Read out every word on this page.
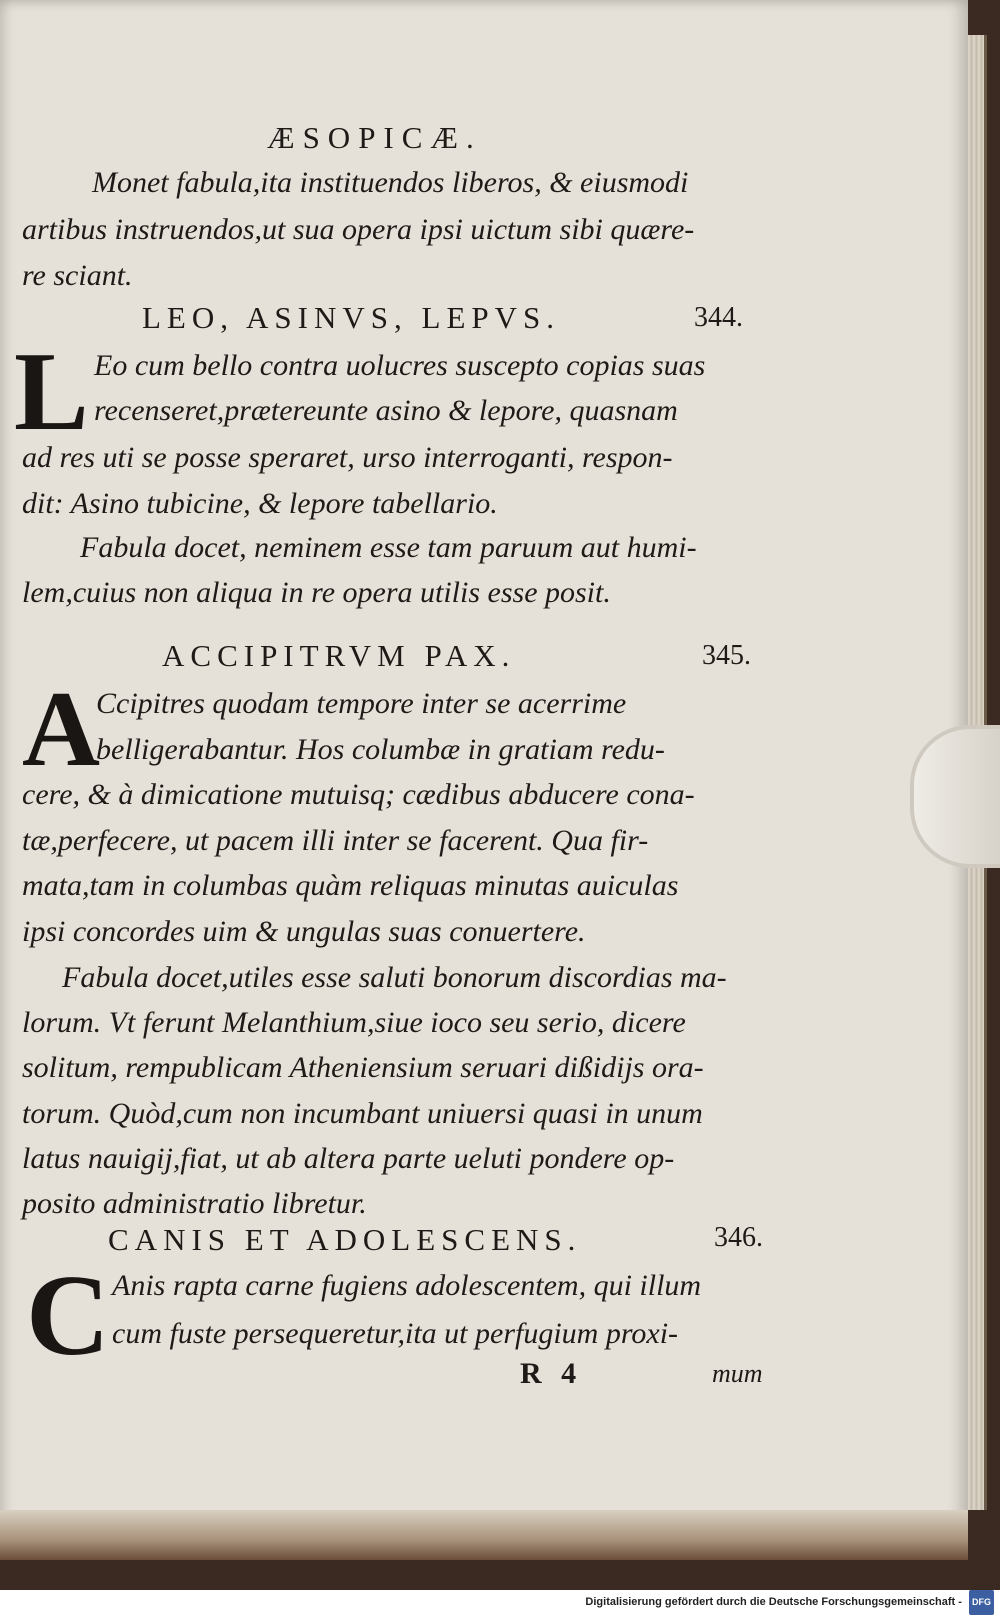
ÆSOPICÆ.
Monet fabula,ita instituendos liberos, & eiusmodi
artibus instruendos,ut sua opera ipsi uictum sibi quære-
re sciant.
LEO, ASINVS, LEPVS.	344.
L Eo cum bello contra uolucres suscepto copias suas
recenseret,prætereunte asino & lepore, quasnam
ad res uti se posse speraret, urso interroganti, respon-
dit: Asino tubicine, & lepore tabellario.
Fabula docet, neminem esse tam paruum aut humi-
lem,cuius non aliqua in re opera utilis esse posit.
ACCIPITRVM PAX.	345.
A
Ccipitres quodam tempore inter se acerrime
belligerabantur. Hos columbæ in gratiam redu-
cere, & à dimicatione mutuisq; cædibus abducere cona-
tæ,perfecere, ut pacem illi inter se facerent. Qua fir-
mata,tam in columbas quàm reliquas minutas auiculas
ipsi concordes uim & ungulas suas conuertere.
Fabula docet,utiles esse saluti bonorum discordias ma-
lorum. Vt ferunt Melanthium,siue ioco seu serio, dicere
solitum, rempublicam Atheniensium seruari dißidijs ora-
torum. Quòd,cum non incumbant uniuersi quasi in unum
latus nauigij,fiat, ut ab altera parte ueluti pondere op-
posito administratio libretur.
CANIS ET ADOLESCENS.	346.
C Anis rapta carne fugiens adolescentem, qui illum
cum fuste persequeretur,ita ut perfugium proxi-
R 4	mum
Digitalisierung gefördert durch die Deutsche Forschungsgemeinschaft - DFG
